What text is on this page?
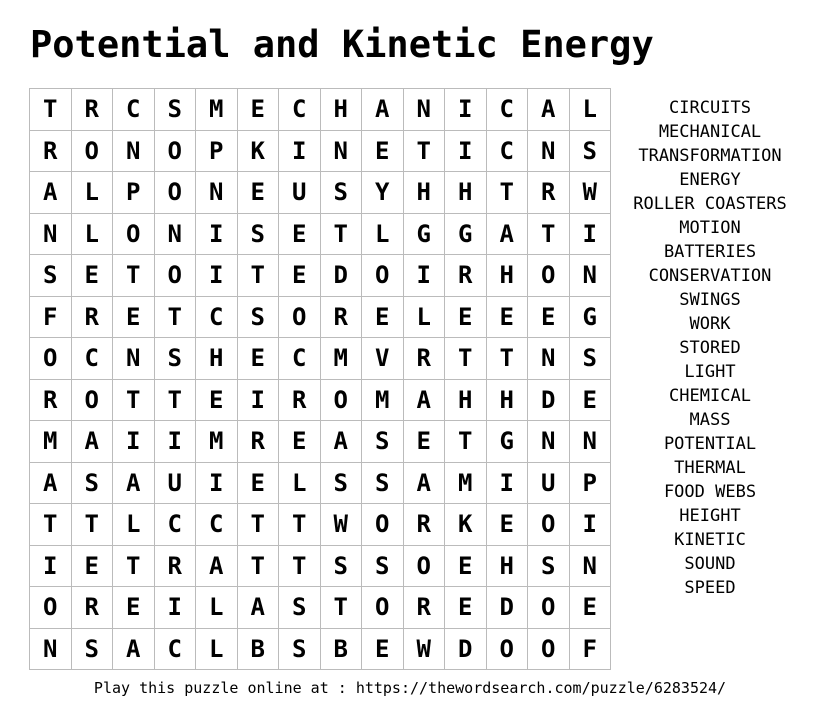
Potential and Kinetic Energy
T	R	C	S	M	E	C	H	A	N	I	C	A	L
R	O	N	O	P	K	I	N	E	T	I	C	N	S
A	L	P	O	N	E	U	S	Y	H	H	T	R	W
N	L	O	N	I	S	E	T	L	G	G	A	T	I
S	E	T	O	I	T	E	D	O	I	R	H	O	N
F	R	E	T	C	S	O	R	E	L	E	E	E	G
O	C	N	S	H	E	C	M	V	R	T	T	N	S
R	O	T	T	E	I	R	O	M	A	H	H	D	E
M	A	I	I	M	R	E	A	S	E	T	G	N	N
A	S	A	U	I	E	L	S	S	A	M	I	U	P
T	T	L	C	C	T	T	W	O	R	K	E	O	I
I	E	T	R	A	T	T	S	S	O	E	H	S	N
O	R	E	I	L	A	S	T	O	R	E	D	O	E
N	S	A	C	L	B	S	B	E	W	D	O	O	F
CIRCUITS
MECHANICAL
TRANSFORMATION
ENERGY
ROLLER COASTERS
MOTION
BATTERIES
CONSERVATION
SWINGS
WORK
STORED
LIGHT
CHEMICAL
MASS
POTENTIAL
THERMAL
FOOD WEBS
HEIGHT
KINETIC
SOUND
SPEED
Play this puzzle online at : https://thewordsearch.com/puzzle/6283524/
